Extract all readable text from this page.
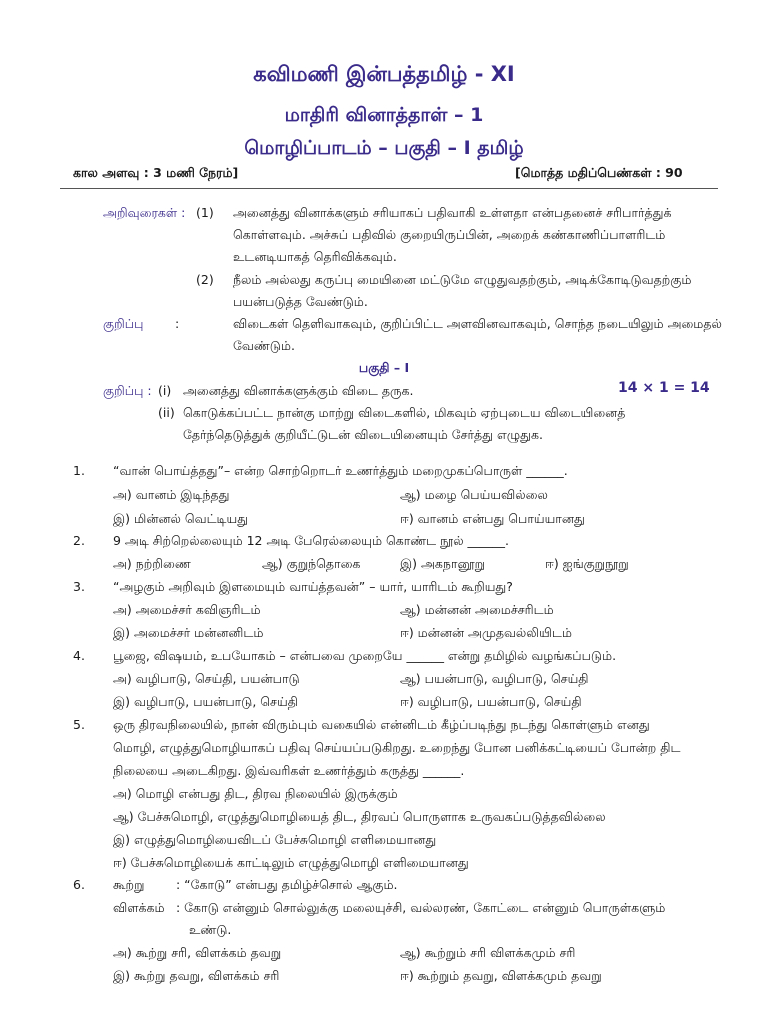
கவிமணி இன்பத்தமிழ் - XI
மாதிரி வினாத்தாள் – 1
மொழிப்பாடம் – பகுதி – I தமிழ்
கால அளவு : 3 மணி நேரம்]	[மொத்த மதிப்பெண்கள் : 90
அறிவுரைகள் : (1) அனைத்து வினாக்களும் சரியாகப் பதிவாகி உள்ளதா என்பதனைச் சரிபார்த்துக்
கொள்ளவும். அச்சுப் பதிவில் குறையிருப்பின், அறைக் கண்காணிப்பாளரிடம்
உடனடியாகத் தெரிவிக்கவும்.
(2) நீலம் அல்லது கருப்பு மையினை மட்டுமே எழுதுவதற்கும், அடிக்கோடிடுவதற்கும்
பயன்படுத்த வேண்டும்.
குறிப்பு	:	விடைகள் தெளிவாகவும், குறிப்பிட்ட அளவினவாகவும், சொந்த நடையிலும் அமைதல்
வேண்டும்.
பகுதி – I
குறிப்பு : (i) அனைத்து வினாக்களுக்கும் விடை தருக.	14 × 1 = 14
(ii) கொடுக்கப்பட்ட நான்கு மாற்று விடைகளில், மிகவும் ஏற்புடைய விடையினைத்
தேர்ந்தெடுத்துக் குறியீட்டுடன் விடையினையும் சேர்த்து எழுதுக.
1. “வான் பொய்த்தது”– என்ற சொற்றொடர் உணர்த்தும் மறைமுகப்பொருள் ______.
அ) வானம் இடிந்தது	ஆ) மழை பெய்யவில்லை
இ) மின்னல் வெட்டியது	ஈ) வானம் என்பது பொய்யானது
2. 9 அடி சிற்றெல்லையும் 12 அடி பேரெல்லையும் கொண்ட நூல் ______.
அ) நற்றிணை	ஆ) குறுந்தொகை	இ) அகநானூறு	ஈ) ஐங்குறுநூறு
3. “அழகும் அறிவும் இளமையும் வாய்த்தவன்” – யார், யாரிடம் கூறியது?
அ) அமைச்சர் கவிஞரிடம்	ஆ) மன்னன் அமைச்சரிடம்
இ) அமைச்சர் மன்னனிடம்	ஈ) மன்னன் அமுதவல்லியிடம்
4. பூஜை, விஷயம், உபயோகம் – என்பவை முறையே ______ என்று தமிழில் வழங்கப்படும்.
அ) வழிபாடு, செய்தி, பயன்பாடு	ஆ) பயன்பாடு, வழிபாடு, செய்தி
இ) வழிபாடு, பயன்பாடு, செய்தி	ஈ) வழிபாடு, பயன்பாடு, செய்தி
5. ஒரு திரவநிலையில், நான் விரும்பும் வகையில் என்னிடம் கீழ்ப்படிந்து நடந்து கொள்ளும் எனது
மொழி, எழுத்துமொழியாகப் பதிவு செய்யப்படுகிறது. உறைந்து போன பனிக்கட்டியைப் போன்ற திட
நிலையை அடைகிறது. இவ்வரிகள் உணர்த்தும் கருத்து ______.
அ) மொழி என்பது திட, திரவ நிலையில் இருக்கும்
ஆ) பேச்சுமொழி, எழுத்துமொழியைத் திட, திரவப் பொருளாக உருவகப்படுத்தவில்லை
இ) எழுத்துமொழியைவிடப் பேச்சுமொழி எளிமையானது
ஈ) பேச்சுமொழியைக் காட்டிலும் எழுத்துமொழி எளிமையானது
6. கூற்று	: “கோடு” என்பது தமிழ்ச்சொல் ஆகும்.
விளக்கம் : கோடு என்னும் சொல்லுக்கு மலையுச்சி, வல்லரண், கோட்டை என்னும் பொருள்களும்
உண்டு.
அ) கூற்று சரி, விளக்கம் தவறு	ஆ) கூற்றும் சரி விளக்கமும் சரி
இ) கூற்று தவறு, விளக்கம் சரி	ஈ) கூற்றும் தவறு, விளக்கமும் தவறு
